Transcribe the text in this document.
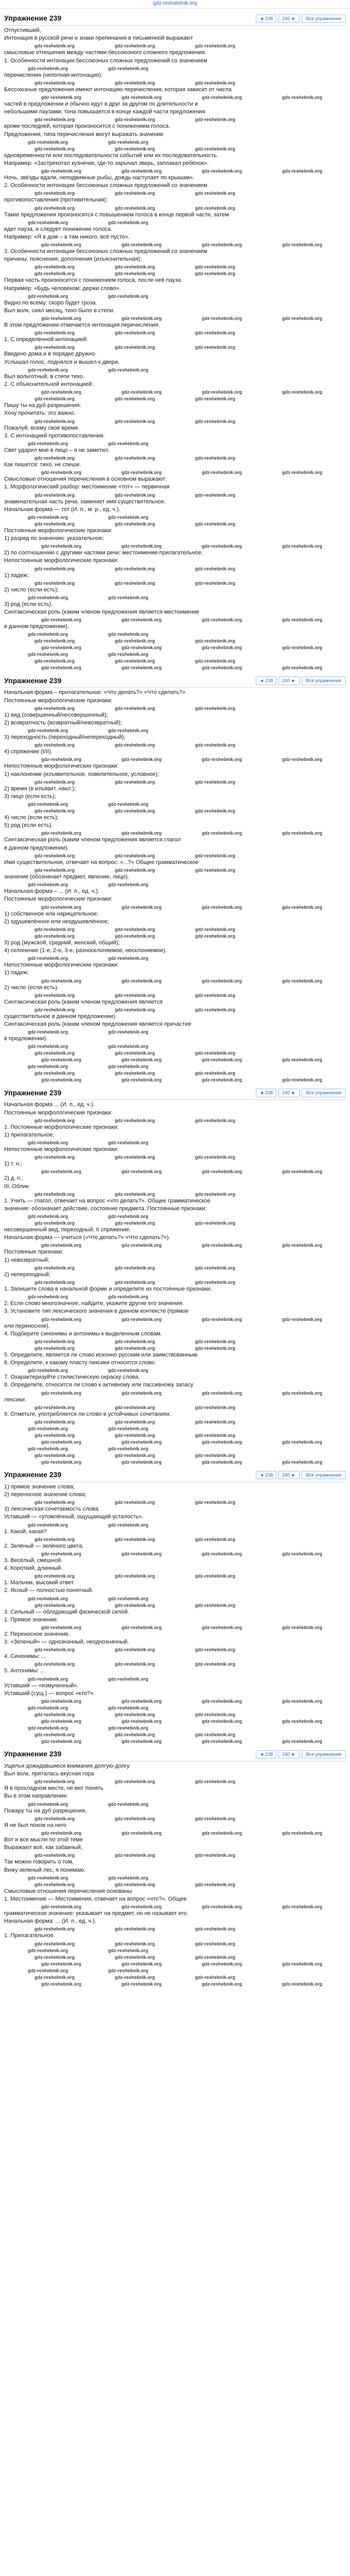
gdz-reshatelnik.org
Упражнение 239	◄ 238	240 ►	Все упражнения

Отпустивший,

Интонация в русской речи и знаки препинания в письменной выражают

gdz-reshebnik.org	gdz-reshebnik.org	gdz-reshebnik.org

смысловые отношения между частями бессоюзного сложного предложения.

1. Особенности интонации бессоюзных сложных предложений со значением

gdz-reshebnik.org	gdz-reshebnik.org

перечисления (неполная интонация):

gdz-reshebnik.org	gdz-reshebnik.org	gdz-reshebnik.org

Бессоюзные предложения имеют интонацию перечисления, которая зависит от числа

gdz-reshebnik.org	gdz-reshebnik.org	gdz-reshebnik.org	gdz-reshebnik.org

частей в предложении и обычно идут в друг за другом по длительности и

небольшими паузами; тона повышается в конце каждой части предложения

gdz-reshebnik.org	gdz-reshebnik.org	gdz-reshebnik.org

кроме последней, которая произносится с понижением голоса.

Предложения, типа перечисления могут выражать значение

gdz-reshebnik.org	gdz-reshebnik.org
gdz-reshebnik.org	gdz-reshebnik.org	gdz-reshebnik.org

одновременности или последовательности событий или их последовательность.

Например: «Застрекотал кузнечик, где-то зарычал зверь, заплакал ребёнок».

gdz-reshebnik.org	gdz-reshebnik.org	gdz-reshebnik.org	gdz-reshebnik.org

Ночь, звёзды вдали, неподвижные рыбы, дождь наступает по крышам».

2. Особенности интонации бессоюзных сложных предложений со значением

gdz-reshebnik.org	gdz-reshebnik.org	gdz-reshebnik.org

противопоставления (противительная):

gdz-reshebnik.org	gdz-reshebnik.org	gdz-reshebnik.org

Такие предложения произносятся с повышением голоса в конце первой части, затем

gdz-reshebnik.org	gdz-reshebnik.org

идет пауза, и следует понижение голоса.

Например: «Я в дом – а там никого, всё пусто».

gdz-reshebnik.org	gdz-reshebnik.org	gdz-reshebnik.org	gdz-reshebnik.org

3. Особенности интонации бессоюзных сложных предложений со значением

причины, пояснения, дополнения (изъяснительная):

gdz-reshebnik.org	gdz-reshebnik.org	gdz-reshebnik.org
gdz-reshebnik.org	gdz-reshebnik.org	gdz-reshebnik.org

Первая часть произносится с понижением голоса, после неё пауза.

Например: «Будь человеком: держи слово».

gdz-reshebnik.org	gdz-reshebnik.org

Видно по всему: скоро будет гроза.

Выл волк, сиял месяц, тихо было в степи.

gdz-reshebnik.org	gdz-reshebnik.org	gdz-reshebnik.org	gdz-reshebnik.org

В этом предложении отмечается интонация перечисления.

gdz-reshebnik.org	gdz-reshebnik.org	gdz-reshebnik.org

1. С определённой интонацией:

gdz-reshebnik.org	gdz-reshebnik.org	gdz-reshebnik.org

Введено дома и в порядке дружно.

Услышал голос, поднялся и вышел к двери.

gdz-reshebnik.org	gdz-reshebnik.org

Выл вольготный, в степи тихо.

2. С объяснительной интонацией:

gdz-reshebnik.org	gdz-reshebnik.org	gdz-reshebnik.org	gdz-reshebnik.org
gdz-reshebnik.org	gdz-reshebnik.org	gdz-reshebnik.org

Пишу ты на дуб разрешения:

Хочу прочитать: это важно.

gdz-reshebnik.org	gdz-reshebnik.org	gdz-reshebnik.org

Пожалуй, всему своё время.

3. С интонацией противопоставления:

gdz-reshebnik.org	gdz-reshebnik.org

Свет ударил мне в лицо – я не заметил.

gdz-reshebnik.org	gdz-reshebnik.org	gdz-reshebnik.org

Как пишется: тихо, не спеши.

gdz-reshebnik.org	gdz-reshebnik.org	gdz-reshebnik.org	gdz-reshebnik.org

Смысловые отношения перечисления в основном выражают:

1. Морфологический разбор: местоимение «тот» — первичная

gdz-reshebnik.org	gdz-reshebnik.org	gdz-reshebnik.org

знаменательная часть речи, заменяет имя существительное.

Начальная форма — тот (И. п., м. р., ед. ч.).

gdz-reshebnik.org	gdz-reshebnik.org
gdz-reshebnik.org	gdz-reshebnik.org	gdz-reshebnik.org

Постоянные морфологические признаки:

1) разряд по значению: указательное;

gdz-reshebnik.org	gdz-reshebnik.org	gdz-reshebnik.org	gdz-reshebnik.org

2) по соотношению с другими частями речи: местоимение-прилагательное.

Непостоянные морфологические признаки:

gdz-reshebnik.org	gdz-reshebnik.org	gdz-reshebnik.org

1) падеж;

gdz-reshebnik.org	gdz-reshebnik.org	gdz-reshebnik.org

2) число (если есть);

gdz-reshebnik.org	gdz-reshebnik.org

3) род (если есть).

Синтаксическая роль (каким членом предложения является местоимение

gdz-reshebnik.org	gdz-reshebnik.org	gdz-reshebnik.org	gdz-reshebnik.org

в данном предложении).

gdz-reshebnik.org	gdz-reshebnik.org
gdz-reshebnik.org	gdz-reshebnik.org	gdz-reshebnik.org
gdz-reshebnik.org	gdz-reshebnik.org	gdz-reshebnik.org	gdz-reshebnik.org
gdz-reshebnik.org	gdz-reshebnik.org
gdz-reshebnik.org	gdz-reshebnik.org	gdz-reshebnik.org
gdz-reshebnik.org	gdz-reshebnik.org	gdz-reshebnik.org	gdz-reshebnik.org
Упражнение 239	◄ 238	240 ►	Все упражнения

Начальная форма – прилагательное: «Что делать?» «Что сделать?»

Постоянные морфологические признаки:

gdz-reshebnik.org	gdz-reshebnik.org	gdz-reshebnik.org

1) вид (совершенный/несовершенный);

2) возвратность (возвратный/невозвратный);

gdz-reshebnik.org	gdz-reshebnik.org

3) переходность (переходный/непереходный);

gdz-reshebnik.org	gdz-reshebnik.org	gdz-reshebnik.org

4) спряжение (I/II).

gdz-reshebnik.org	gdz-reshebnik.org	gdz-reshebnik.org	gdz-reshebnik.org

Непостоянные морфологические признаки:

1) наклонение (изъявительное, повелительное, условное);

gdz-reshebnik.org	gdz-reshebnik.org	gdz-reshebnik.org

2) время (в изъявит. накл.);

3) лицо (если есть);

gdz-reshebnik.org	gdz-reshebnik.org
gdz-reshebnik.org	gdz-reshebnik.org	gdz-reshebnik.org

4) число (если есть);

5) род (если есть).

gdz-reshebnik.org	gdz-reshebnik.org	gdz-reshebnik.org	gdz-reshebnik.org

Синтаксическая роль (каким членом предложения является глагол

в данном предложении).

gdz-reshebnik.org	gdz-reshebnik.org	gdz-reshebnik.org

Имя существительное, отвечает на вопрос: «...?» Общее грамматическое

gdz-reshebnik.org	gdz-reshebnik.org	gdz-reshebnik.org

значение (обозначает предмет, явление, лицо).

gdz-reshebnik.org	gdz-reshebnik.org

Начальная форма – ... (И. п., ед. ч.).

Постоянные морфологические признаки:

gdz-reshebnik.org	gdz-reshebnik.org	gdz-reshebnik.org	gdz-reshebnik.org

1) собственное или нарицательное;

2) одушевлённое или неодушевлённое;

gdz-reshebnik.org	gdz-reshebnik.org	gdz-reshebnik.org
gdz-reshebnik.org	gdz-reshebnik.org	gdz-reshebnik.org

3) род (мужской, средний, женский, общий);

4) склонение (1-е, 2-е, 3-е, разносклоняемое, несклоняемое).

gdz-reshebnik.org	gdz-reshebnik.org

Непостоянные морфологические признаки:

1) падеж;

gdz-reshebnik.org	gdz-reshebnik.org	gdz-reshebnik.org	gdz-reshebnik.org

2) число (если есть).

gdz-reshebnik.org	gdz-reshebnik.org	gdz-reshebnik.org

Синтаксическая роль (каким членом предложения является

gdz-reshebnik.org	gdz-reshebnik.org	gdz-reshebnik.org

существительное в данном предложении).

Синтаксическая роль (каким членом предложения является причастие

gdz-reshebnik.org	gdz-reshebnik.org

в предложении).

gdz-reshebnik.org	gdz-reshebnik.org
gdz-reshebnik.org	gdz-reshebnik.org	gdz-reshebnik.org
gdz-reshebnik.org	gdz-reshebnik.org	gdz-reshebnik.org	gdz-reshebnik.org
gdz-reshebnik.org	gdz-reshebnik.org
gdz-reshebnik.org	gdz-reshebnik.org	gdz-reshebnik.org
gdz-reshebnik.org	gdz-reshebnik.org	gdz-reshebnik.org	gdz-reshebnik.org
Упражнение 239	◄ 238	240 ►	Все упражнения

Начальная форма ... (И. п., ед. ч.).

Постоянные морфологические признаки:

gdz-reshebnik.org	gdz-reshebnik.org	gdz-reshebnik.org

1. Постоянные морфологические признаки:

1) прилагательное;

gdz-reshebnik.org	gdz-reshebnik.org

Непостоянные морфологические признаки:

gdz-reshebnik.org	gdz-reshebnik.org	gdz-reshebnik.org

1) т. н.;

gdz-reshebnik.org	gdz-reshebnik.org	gdz-reshebnik.org	gdz-reshebnik.org

2) д. п.;

III. Облик:

gdz-reshebnik.org	gdz-reshebnik.org	gdz-reshebnik.org

1. Учить — глагол, отвечает на вопрос «что делать?». Общее грамматическое

значение: обозначает действие, состояние предмета. Постоянные признаки:

gdz-reshebnik.org	gdz-reshebnik.org
gdz-reshebnik.org	gdz-reshebnik.org	gdz-reshebnik.org

несовершенный вид, переходный, II спряжение.

Начальная форма — учиться («Что делать?» «Что сделать?»).

gdz-reshebnik.org	gdz-reshebnik.org	gdz-reshebnik.org	gdz-reshebnik.org

Постоянные признаки:

1) невозвратный;

gdz-reshebnik.org	gdz-reshebnik.org	gdz-reshebnik.org

2) непереходный;

gdz-reshebnik.org	gdz-reshebnik.org	gdz-reshebnik.org

1. Запишите слова в начальной форме и определите их постоянные признаки.

gdz-reshebnik.org	gdz-reshebnik.org

2. Если слово многозначное, найдите, укажите другие его значения.

3. Установите тип лексического значения в данном контексте (прямое

gdz-reshebnik.org	gdz-reshebnik.org	gdz-reshebnik.org	gdz-reshebnik.org

или переносное).

4. Подберите синонимы и антонимы к выделенным словам.

gdz-reshebnik.org	gdz-reshebnik.org	gdz-reshebnik.org
gdz-reshebnik.org	gdz-reshebnik.org	gdz-reshebnik.org

5. Определите, является ли слово исконно русским или заимствованным.

6. Определите, к какому пласту лексики относится слово.

gdz-reshebnik.org	gdz-reshebnik.org

7. Охарактеризуйте стилистическую окраску слова.

8. Определите, относится ли слово к активному или пассивному запасу

gdz-reshebnik.org	gdz-reshebnik.org	gdz-reshebnik.org	gdz-reshebnik.org

лексики.

gdz-reshebnik.org	gdz-reshebnik.org	gdz-reshebnik.org

9. Отметьте, употребляется ли слово в устойчивых сочетаниях.

gdz-reshebnik.org	gdz-reshebnik.org	gdz-reshebnik.org
gdz-reshebnik.org	gdz-reshebnik.org
gdz-reshebnik.org	gdz-reshebnik.org	gdz-reshebnik.org
gdz-reshebnik.org	gdz-reshebnik.org	gdz-reshebnik.org	gdz-reshebnik.org
gdz-reshebnik.org	gdz-reshebnik.org
gdz-reshebnik.org	gdz-reshebnik.org	gdz-reshebnik.org
gdz-reshebnik.org	gdz-reshebnik.org	gdz-reshebnik.org	gdz-reshebnik.org
Упражнение 239	◄ 238	240 ►	Все упражнения

1) прямое значение слова;

2) переносное значение слова;

gdz-reshebnik.org	gdz-reshebnik.org	gdz-reshebnik.org

3) лексическая сочетаемость слова.

Уставший — «утомлённый, ощущающий усталость».

gdz-reshebnik.org	gdz-reshebnik.org

1. Какой, какая?

gdz-reshebnik.org	gdz-reshebnik.org	gdz-reshebnik.org

2. Зелёный — зелёного цвета.

gdz-reshebnik.org	gdz-reshebnik.org	gdz-reshebnik.org	gdz-reshebnik.org

3. Весёлый, смешной.

4. Короткий, длинный.

gdz-reshebnik.org	gdz-reshebnik.org	gdz-reshebnik.org

1. Мальчик, высокий ответ.

2. Ясный — полностью понятный.

gdz-reshebnik.org	gdz-reshebnik.org
gdz-reshebnik.org	gdz-reshebnik.org	gdz-reshebnik.org

3. Сильный — обладающий физической силой.

1. Прямое значение.

gdz-reshebnik.org	gdz-reshebnik.org	gdz-reshebnik.org	gdz-reshebnik.org

2. Переносное значение.

3. «Зеленый» — однозначный, неоднозначный.

gdz-reshebnik.org	gdz-reshebnik.org	gdz-reshebnik.org

4. Синонимы: ...

gdz-reshebnik.org	gdz-reshebnik.org	gdz-reshebnik.org

5. Антонимы: ...

gdz-reshebnik.org	gdz-reshebnik.org

Уставший — «измученный».

Уставший (сущ.) — вопрос «кто?».

gdz-reshebnik.org	gdz-reshebnik.org	gdz-reshebnik.org	gdz-reshebnik.org
gdz-reshebnik.org	gdz-reshebnik.org
gdz-reshebnik.org	gdz-reshebnik.org	gdz-reshebnik.org
gdz-reshebnik.org	gdz-reshebnik.org	gdz-reshebnik.org	gdz-reshebnik.org
gdz-reshebnik.org	gdz-reshebnik.org
gdz-reshebnik.org	gdz-reshebnik.org	gdz-reshebnik.org
gdz-reshebnik.org	gdz-reshebnik.org	gdz-reshebnik.org	gdz-reshebnik.org
Упражнение 239	◄ 238	240 ►	Все упражнения

Ущелья дожидавшиеся внимания долгую-долгу

Выл волк, пряталась вкусная гора

gdz-reshebnik.org	gdz-reshebnik.org	gdz-reshebnik.org

Я в прохладном месте, не мог понять

Вы в этом направлении.

gdz-reshebnik.org	gdz-reshebnik.org

Пожару ты на дуб разрешения,

gdz-reshebnik.org	gdz-reshebnik.org	gdz-reshebnik.org

Я не был похож на него

gdz-reshebnik.org	gdz-reshebnik.org	gdz-reshebnik.org	gdz-reshebnik.org

Вот и все мысли по этой теме

Выражают всё, как забавный,

gdz-reshebnik.org	gdz-reshebnik.org	gdz-reshebnik.org

Так можно говорить о том,

Вижу зеленый лес, я понимаю.

gdz-reshebnik.org	gdz-reshebnik.org
gdz-reshebnik.org	gdz-reshebnik.org	gdz-reshebnik.org

Смысловые отношения перечисления основаны

1. Местоимение — Местоимения, отвечает на вопрос «что?». Общее

gdz-reshebnik.org	gdz-reshebnik.org	gdz-reshebnik.org	gdz-reshebnik.org

грамматическое значение: указывает на предмет, но не называет его.

Начальная форма: ... (И. п., ед. ч.).

gdz-reshebnik.org	gdz-reshebnik.org	gdz-reshebnik.org

1. Прилагательное.

gdz-reshebnik.org	gdz-reshebnik.org	gdz-reshebnik.org
gdz-reshebnik.org	gdz-reshebnik.org
gdz-reshebnik.org	gdz-reshebnik.org	gdz-reshebnik.org
gdz-reshebnik.org	gdz-reshebnik.org	gdz-reshebnik.org	gdz-reshebnik.org
gdz-reshebnik.org	gdz-reshebnik.org
gdz-reshebnik.org	gdz-reshebnik.org	gdz-reshebnik.org
gdz-reshebnik.org	gdz-reshebnik.org	gdz-reshebnik.org	gdz-reshebnik.org
